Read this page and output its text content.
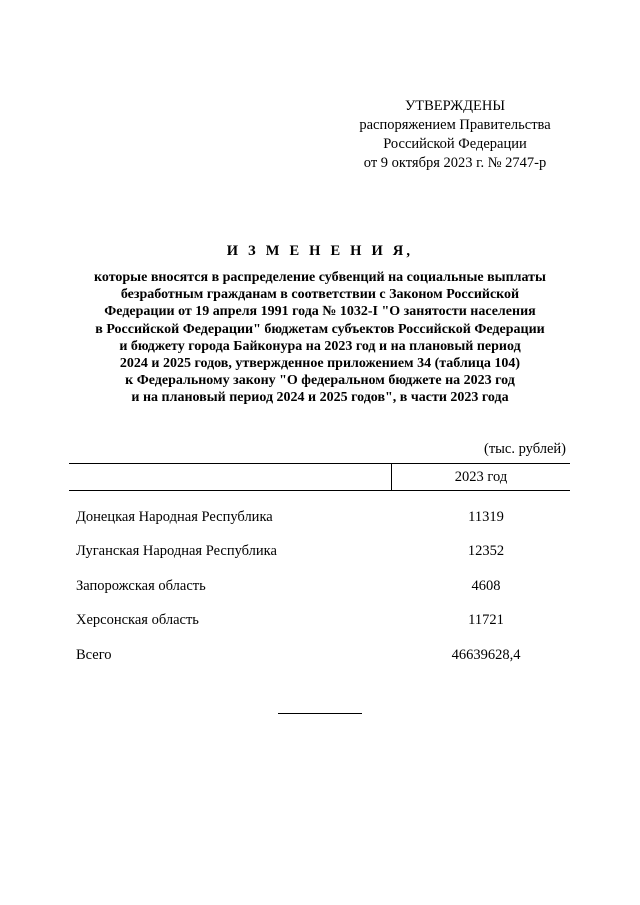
УТВЕРЖДЕНЫ
распоряжением Правительства
Российской Федерации
от 9 октября 2023 г. № 2747-р
И З М Е Н Е Н И Я,
которые вносятся в распределение субвенций на социальные выплаты
безработным гражданам в соответствии с Законом Российской
Федерации от 19 апреля 1991 года № 1032-I "О занятости населения
в Российской Федерации" бюджетам субъектов Российской Федерации
и бюджету города Байконура на 2023 год и на плановый период
2024 и 2025 годов, утвержденное приложением 34 (таблица 104)
к Федеральному закону "О федеральном бюджете на 2023 год
и на плановый период 2024 и 2025 годов", в части 2023 года
(тыс. рублей)
2023 год
Донецкая Народная Республика	11319
Луганская Народная Республика	12352
Запорожская область	4608
Херсонская область	11721
Всего	46639628,4
